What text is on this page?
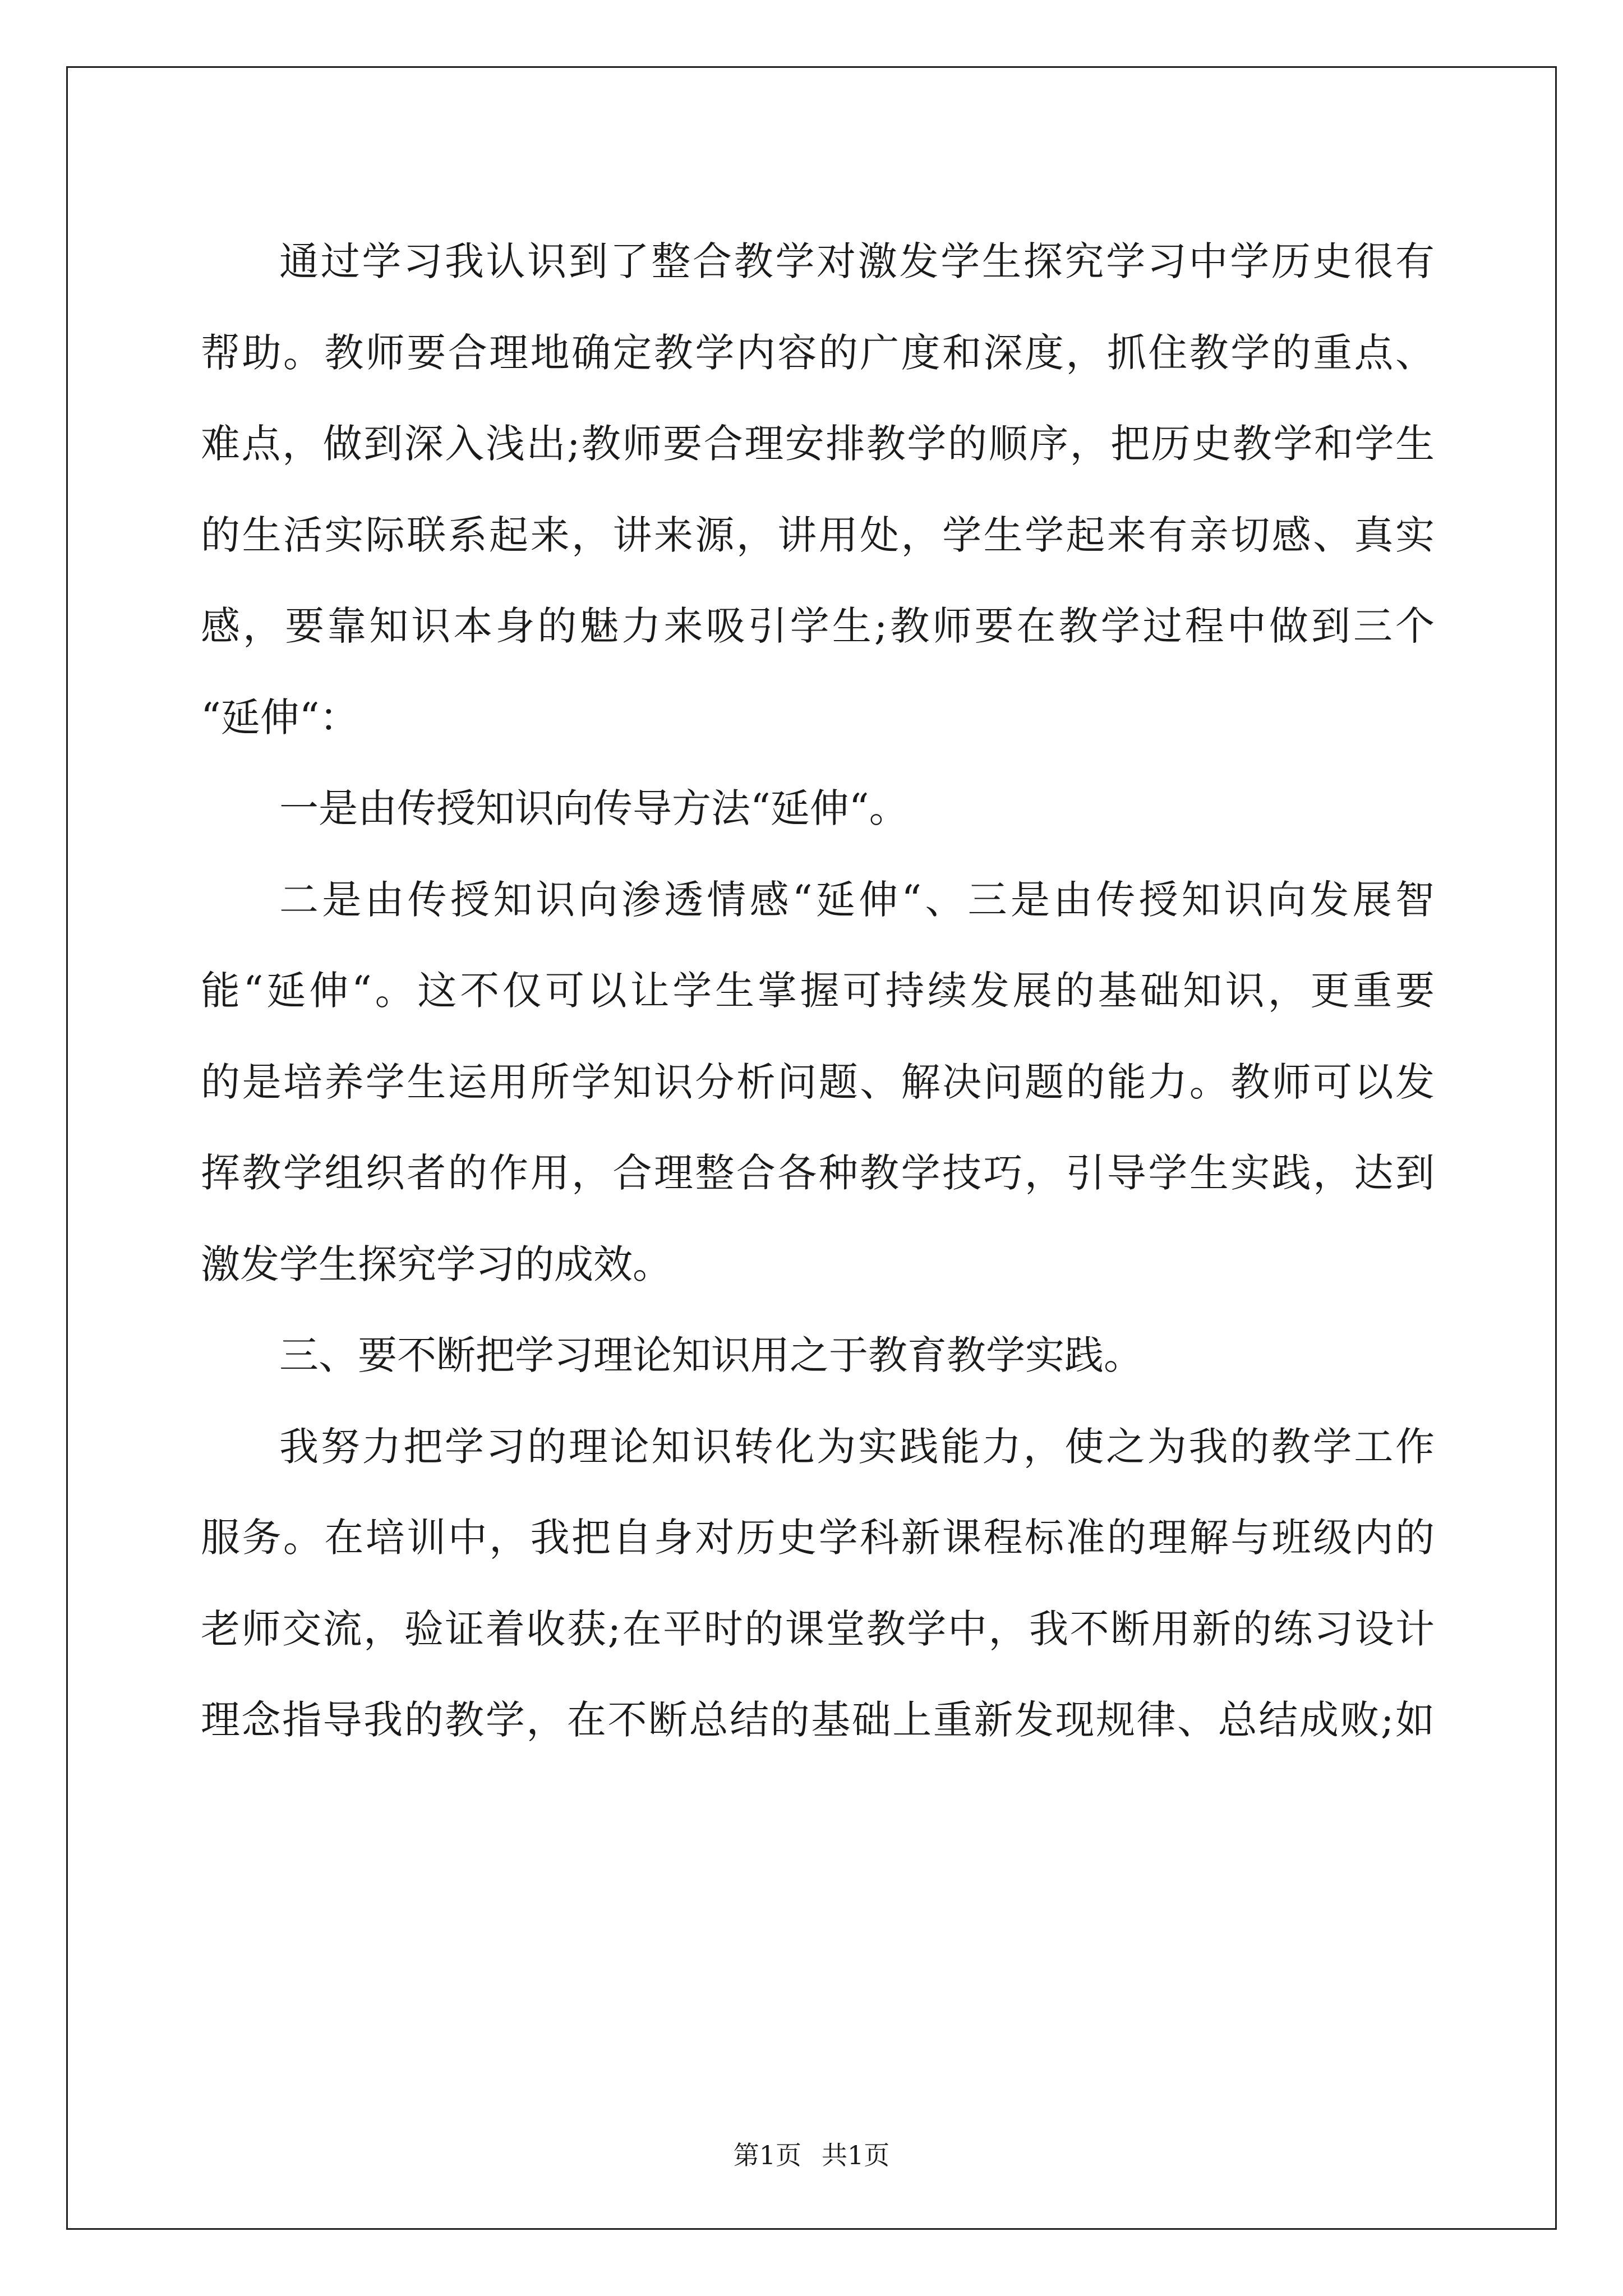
通过学习我认识到了整合教学对激发学生探究学习中学历史很有
帮助。教师要合理地确定教学内容的广度和深度，抓住教学的重点、
难点，做到深入浅出;教师要合理安排教学的顺序，把历史教学和学生
的生活实际联系起来，讲来源，讲用处，学生学起来有亲切感、真实
感，要靠知识本身的魅力来吸引学生;教师要在教学过程中做到三个
“延伸“：
一是由传授知识向传导方法“延伸“。
二是由传授知识向渗透情感“延伸“、三是由传授知识向发展智
能“延伸“。这不仅可以让学生掌握可持续发展的基础知识，更重要
的是培养学生运用所学知识分析问题、解决问题的能力。教师可以发
挥教学组织者的作用，合理整合各种教学技巧，引导学生实践，达到
激发学生探究学习的成效。
三、要不断把学习理论知识用之于教育教学实践。
我努力把学习的理论知识转化为实践能力，使之为我的教学工作
服务。在培训中，我把自身对历史学科新课程标准的理解与班级内的
老师交流，验证着收获;在平时的课堂教学中，我不断用新的练习设计
理念指导我的教学，在不断总结的基础上重新发现规律、总结成败;如
第1页 共1页
